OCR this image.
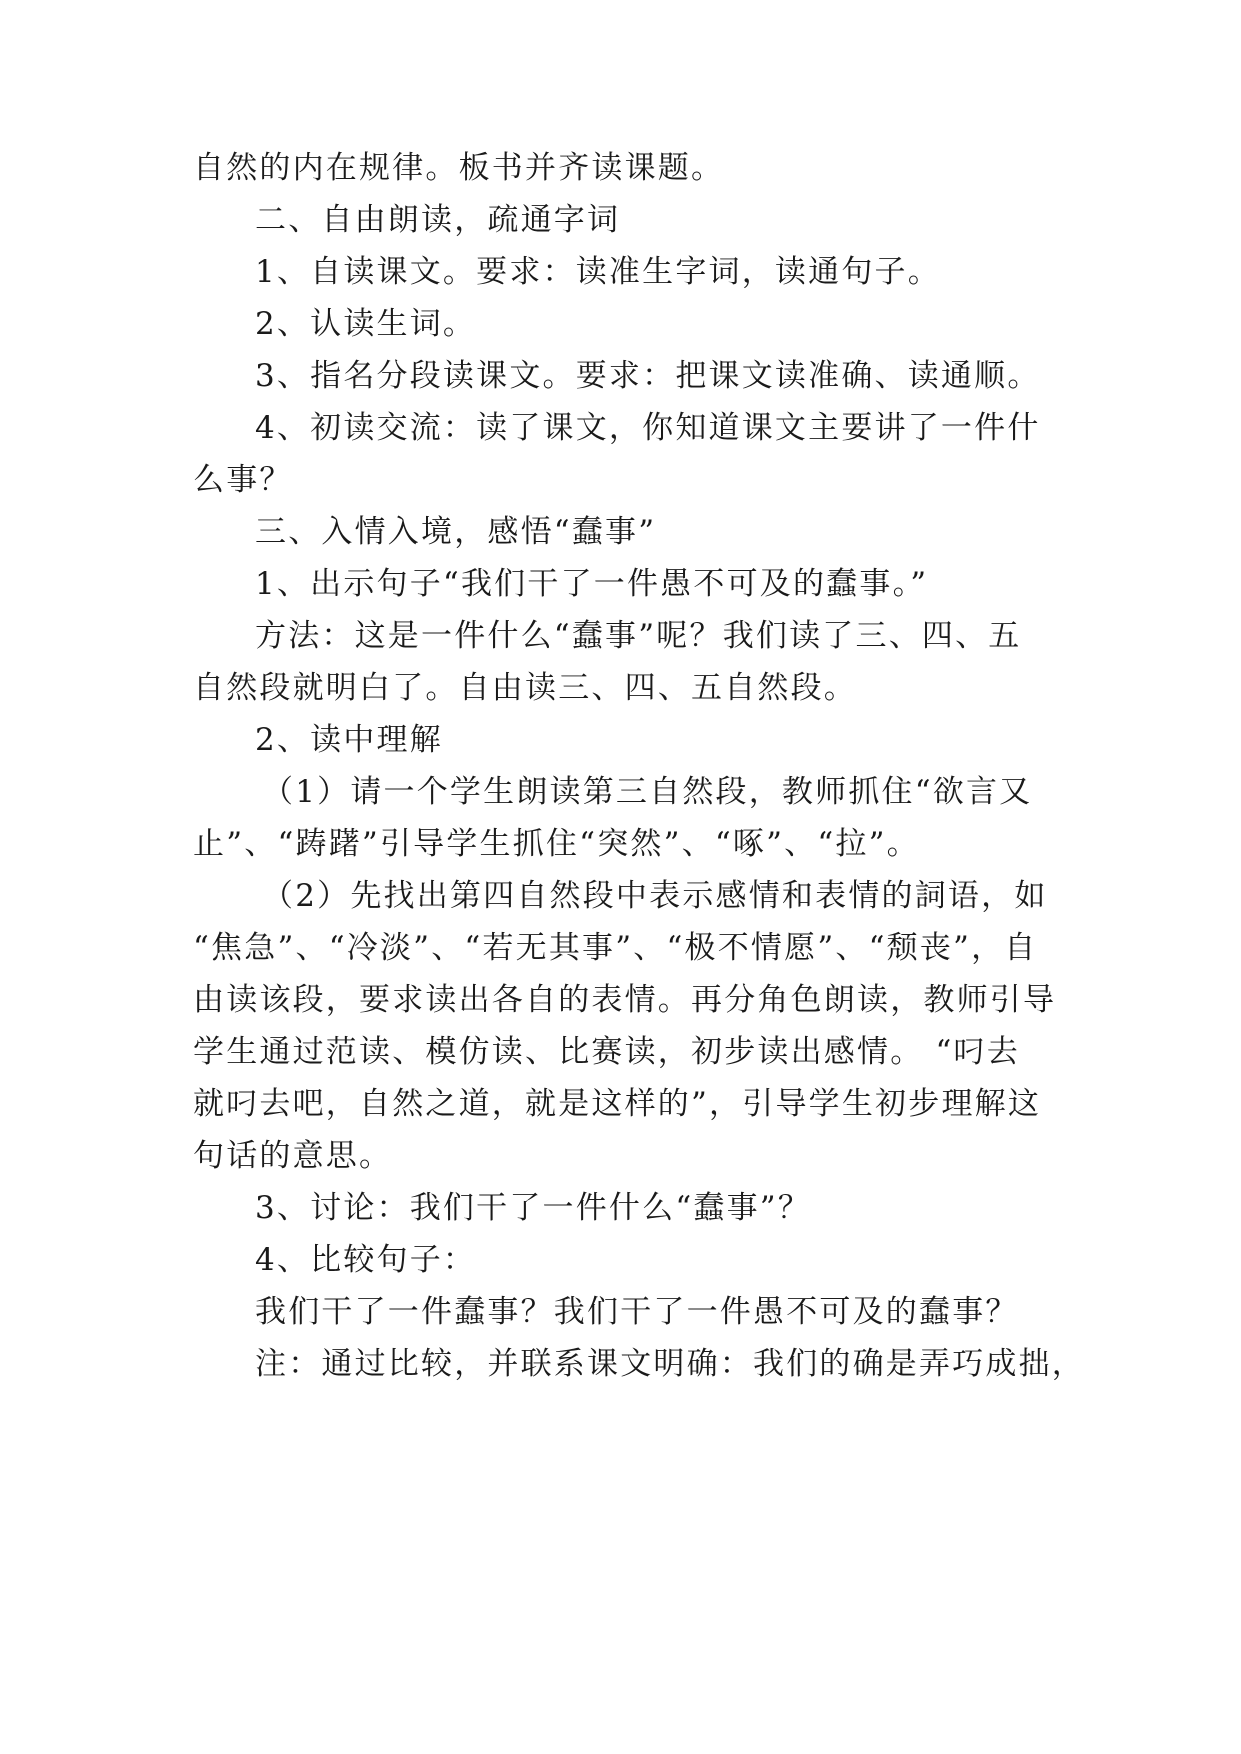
自然的内在规律。板书并齐读课题。
二、自由朗读，疏通字词
1、自读课文。要求：读准生字词，读通句子。
2、认读生词。
3、指名分段读课文。要求：把课文读准确、读通顺。
4、初读交流：读了课文，你知道课文主要讲了一件什
么事？
三、入情入境，感悟“蠢事”
1、出示句子“我们干了一件愚不可及的蠢事。”
方法：这是一件什么“蠢事”呢？我们读了三、四、五
自然段就明白了。自由读三、四、五自然段。
2、读中理解
（1）请一个学生朗读第三自然段，教师抓住“欲言又
止”、“踌躇”引导学生抓住“突然”、“啄”、“拉”。
（2）先找出第四自然段中表示感情和表情的詞语，如
“焦急”、“冷淡”、“若无其事”、“极不情愿”、“颓丧”，自
由读该段，要求读出各自的表情。再分角色朗读，教师引导
学生通过范读、模仿读、比赛读，初步读出感情。 “叼去
就叼去吧，自然之道，就是这样的”，引导学生初步理解这
句话的意思。
3、讨论：我们干了一件什么“蠢事”？
4、比较句子：
我们干了一件蠢事？我们干了一件愚不可及的蠢事？
注：通过比较，并联系课文明确：我们的确是弄巧成拙，
